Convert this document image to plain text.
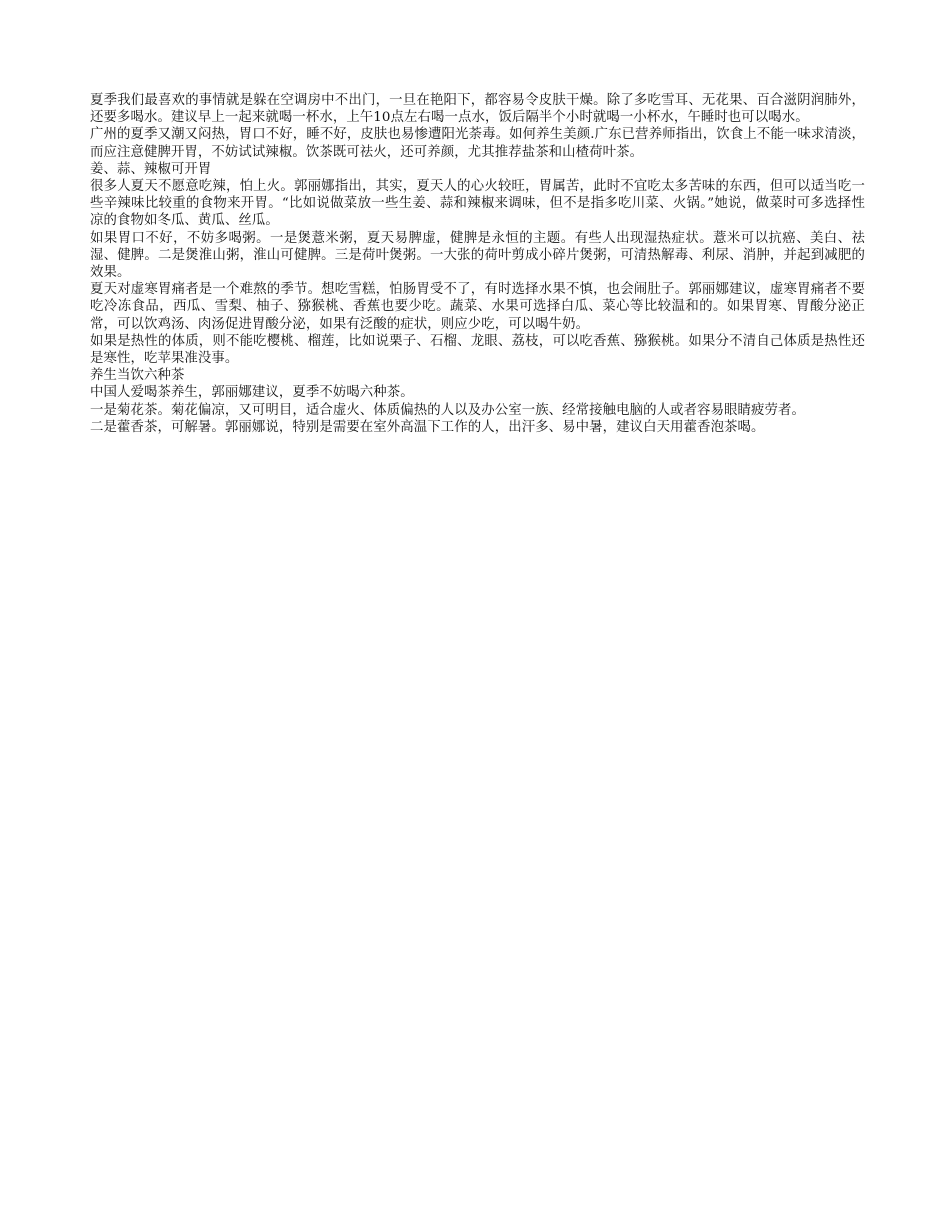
夏季我们最喜欢的事情就是躲在空调房中不出门，一旦在艳阳下，都容易令皮肤干燥。除了多吃雪耳、无花果、百合滋阴润肺外，还要多喝水。建议早上一起来就喝一杯水，上午10点左右喝一点水，饭后隔半个小时就喝一小杯水，午睡时也可以喝水。

广州的夏季又潮又闷热，胃口不好，睡不好，皮肤也易惨遭阳光荼毒。如何养生美颜.广东已营养师指出，饮食上不能一味求清淡，而应注意健脾开胃，不妨试试辣椒。饮茶既可祛火，还可养颜，尤其推荐盐茶和山楂荷叶茶。

姜、蒜、辣椒可开胃

很多人夏天不愿意吃辣，怕上火。郭丽娜指出，其实，夏天人的心火较旺，胃属苦，此时不宜吃太多苦味的东西，但可以适当吃一些辛辣味比较重的食物来开胃。“比如说做菜放一些生姜、蒜和辣椒来调味，但不是指多吃川菜、火锅。”她说，做菜时可多选择性凉的食物如冬瓜、黄瓜、丝瓜。

如果胃口不好，不妨多喝粥。一是煲薏米粥，夏天易脾虚，健脾是永恒的主题。有些人出现湿热症状。薏米可以抗癌、美白、祛湿、健脾。二是煲淮山粥，淮山可健脾。三是荷叶煲粥。一大张的荷叶剪成小碎片煲粥，可清热解毒、利尿、消肿，并起到减肥的效果。

夏天对虚寒胃痛者是一个难熬的季节。想吃雪糕，怕肠胃受不了，有时选择水果不慎，也会闹肚子。郭丽娜建议，虚寒胃痛者不要吃冷冻食品，西瓜、雪梨、柚子、猕猴桃、香蕉也要少吃。蔬菜、水果可选择白瓜、菜心等比较温和的。如果胃寒、胃酸分泌正常，可以饮鸡汤、肉汤促进胃酸分泌，如果有泛酸的症状，则应少吃，可以喝牛奶。

如果是热性的体质，则不能吃樱桃、榴莲，比如说栗子、石榴、龙眼、荔枝，可以吃香蕉、猕猴桃。如果分不清自己体质是热性还是寒性，吃苹果准没事。

养生当饮六种茶

中国人爱喝茶养生，郭丽娜建议，夏季不妨喝六种茶。

一是菊花茶。菊花偏凉，又可明目，适合虚火、体质偏热的人以及办公室一族、经常接触电脑的人或者容易眼睛疲劳者。

二是藿香茶，可解暑。郭丽娜说，特别是需要在室外高温下工作的人，出汗多、易中暑，建议白天用藿香泡茶喝。
